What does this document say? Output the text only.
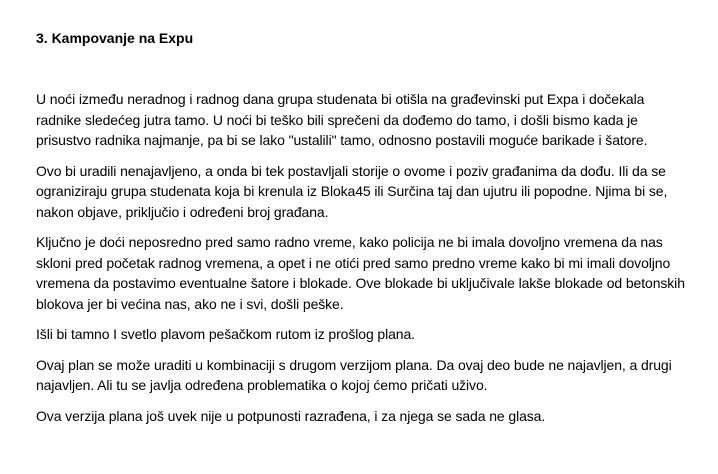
3. Kampovanje na Expu

U noći između neradnog i radnog dana grupa studenata bi otišla na građevinski put Expa i dočekala radnike sledećeg jutra tamo. U noći bi teško bili sprečeni da dođemo do tamo, i došli bismo kada je prisustvo radnika najmanje, pa bi se lako "ustalili" tamo, odnosno postavili moguće barikade i šatore.

Ovo bi uradili nenajavljeno, a onda bi tek postavljali storije o ovome i poziv građanima da dođu. Ili da se ograniziraju grupa studenata koja bi krenula iz Bloka45 ili Surčina taj dan ujutru ili popodne. Njima bi se, nakon objave, priključio i određeni broj građana.

Ključno je doći neposredno pred samo radno vreme, kako policija ne bi imala dovoljno vremena da nas skloni pred početak radnog vremena, a opet i ne otići pred samo predno vreme kako bi mi imali dovoljno vremena da postavimo eventualne šatore i blokade. Ove blokade bi uključivale lakše blokade od betonskih blokova jer bi većina nas, ako ne i svi, došli peške.

Išli bi tamno I svetlo plavom pešačkom rutom iz prošlog plana.

Ovaj plan se može uraditi u kombinaciji s drugom verzijom plana. Da ovaj deo bude ne najavljen, a drugi najavljen. Ali tu se javlja određena problematika o kojoj ćemo pričati uživo.

Ova verzija plana još uvek nije u potpunosti razrađena, i za njega se sada ne glasa.
